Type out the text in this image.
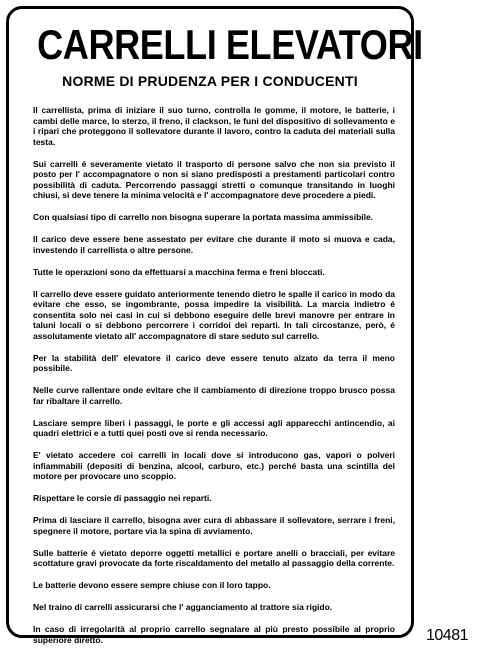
CARRELLI ELEVATORI
NORME DI PRUDENZA PER I CONDUCENTI

Il carrellista, prima di iniziare il suo turno, controlla le gomme, il motore, le batterie, i cambi delle marce, lo sterzo, il freno, il clackson, le funi del dispositivo di sollevamento e i ripari che proteggono il sollevatore durante il lavoro, contro la caduta dei materiali sulla testa.

Sui carrelli é severamente vietato il trasporto di persone salvo che non sia previsto il posto per l' accompagnatore o non si siano predisposti a prestamenti particolari contro possibilità di caduta. Percorrendo passaggi stretti o comunque transitando in luoghi chiusi, si deve tenere la minima velocità e l' accompagnatore deve procedere a piedi.

Con qualsiasi tipo di carrello non bisogna superare la portata massima ammissibile.

Il carico deve essere bene assestato per evitare che durante il moto si muova e cada, investendo il carrellista o altre persone.

Tutte le operazioni sono da effettuarsi a macchina ferma e freni bloccati.

Il carrello deve essere guidato anteriormente tenendo dietro le spalle il carico in modo da evitare che esso, se ingombrante, possa impedire la visibilità. La marcia indietro é consentita solo nei casi in cui si debbono eseguire delle brevi manovre per entrare in taluni locali o si debbono percorrere i corridoi dei reparti. In tali circostanze, però, é assolutamente vietato all' accompagnatore di stare seduto sul carrello.

Per la stabilità dell' elevatore il carico deve essere tenuto alzato da terra il meno possibile.

Nelle curve rallentare onde evitare che il cambiamento di direzione troppo brusco possa far ribaltare il carrello.

Lasciare sempre liberi i passaggi, le porte e gli accessi agli apparecchi antincendio, ai quadri elettrici e a tutti quei posti ove si renda necessario.

E' vietato accedere coi carrelli in locali dove si introducono gas, vapori o polveri infiammabili (depositi di benzina, alcool, carburo, etc.) perché basta una scintilla del motore per provocare uno scoppio.

Rispettare le corsie di passaggio nei reparti.

Prima di lasciare il carrello, bisogna aver cura di abbassare il sollevatore, serrare i freni, spegnere il motore, portare via la spina di avviamento.

Sulle batterie é vietato deporre oggetti metallici e portare anelli o bracciali, per evitare scottature gravi provocate da forte riscaldamento del metallo al passaggio della corrente.

Le batterie devono essere sempre chiuse con il loro tappo.

Nel traino di carrelli assicurarsi che l' agganciamento al trattore sia rigido.

In caso di irregolarità al proprio carrello segnalare al più presto possibile al proprio superiore diretto.	10481
